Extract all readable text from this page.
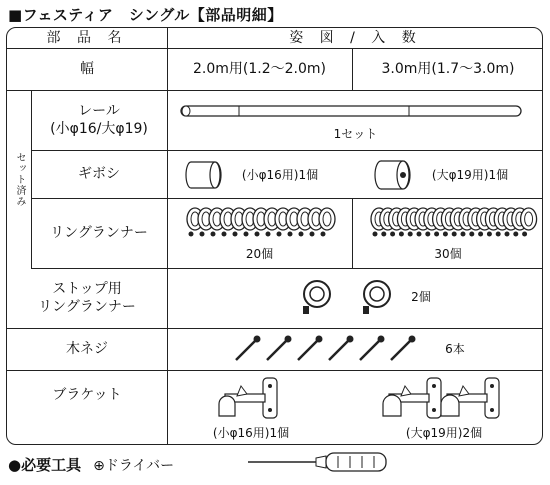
■フェスティア　シングル【部品明細】
部 品 名	姿 図 / 入 数
幅	2.0m用(1.2～2.0m)	3.0m用(1.7～3.0m)
セット済み
レール
(小φ16/大φ19)	1セット
ギボシ	(小φ16用)1個	(大φ19用)1個
リングランナー
20個	30個
ストップ用
リングランナー
2個
木ネジ	6本
ブラケット
(小φ16用)1個	(大φ19用)2個
●必要工具 ⊕ドライバー
